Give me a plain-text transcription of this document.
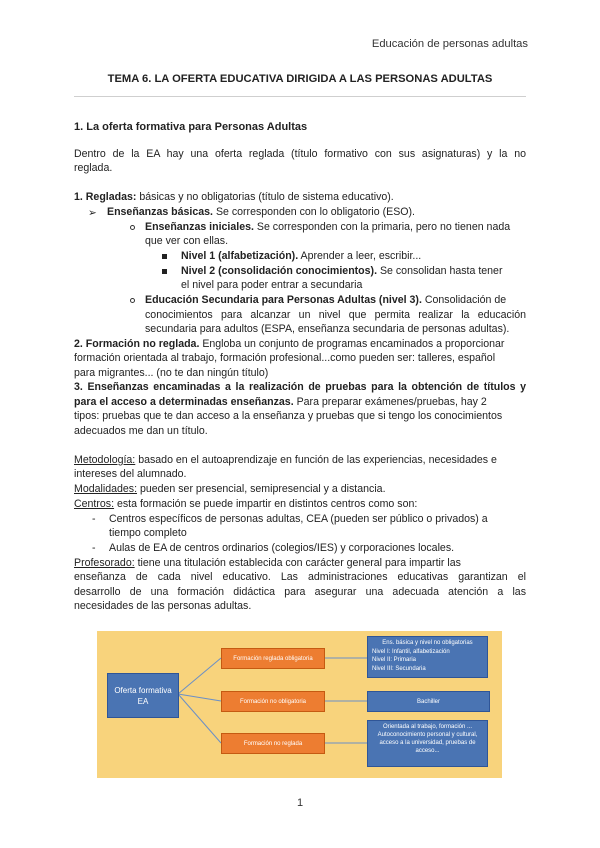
Educación de personas adultas
TEMA 6. LA OFERTA EDUCATIVA DIRIGIDA A LAS PERSONAS ADULTAS
1. La oferta formativa para Personas Adultas
Dentro de la EA hay una oferta reglada (título formativo con sus asignaturas) y la no
reglada.
1. Regladas: básicas y no obligatorias (título de sistema educativo).
➢ Enseñanzas básicas. Se corresponden con lo obligatorio (ESO).
Enseñanzas iniciales. Se corresponden con la primaria, pero no tienen nada
que ver con ellas.
Nivel 1 (alfabetización). Aprender a leer, escribir...
Nivel 2 (consolidación conocimientos). Se consolidan hasta tener
el nivel para poder entrar a secundaria
Educación Secundaria para Personas Adultas (nivel 3). Consolidación de
conocimientos para alcanzar un nivel que permita realizar la educación
secundaria para adultos (ESPA, enseñanza secundaria de personas adultas).
2. Formación no reglada. Engloba un conjunto de programas encaminados a proporcionar
formación orientada al trabajo, formación profesional...como pueden ser: talleres, español
para migrantes... (no te dan ningún título)
3. Enseñanzas encaminadas a la realización de pruebas para la obtención de títulos y
para el acceso a determinadas enseñanzas. Para preparar exámenes/pruebas, hay 2
tipos: pruebas que te dan acceso a la enseñanza y pruebas que si tengo los conocimientos
adecuados me dan un título.
Metodología: basado en el autoaprendizaje en función de las experiencias, necesidades e
intereses del alumnado.
Modalidades: pueden ser presencial, semipresencial y a distancia.
Centros: esta formación se puede impartir en distintos centros como son:
- Centros específicos de personas adultas, CEA (pueden ser público o privados) a
tiempo completo
- Aulas de EA de centros ordinarios (colegios/IES) y corporaciones locales.
Profesorado: tiene una titulación establecida con carácter general para impartir las
enseñanza de cada nivel educativo. Las administraciones educativas garantizan el
desarrollo de una formación didáctica para asegurar una adecuada atención a las
necesidades de las personas adultas.
Oferta formativa EA
Formación reglada obligatoria
Formación no obligatoria
Formación no reglada
Ens. básica y nivel no obligatorias
Nivel I: Infantil, alfabetización
Nivel II: Primaria
Nivel III: Secundaria
Bachiller
Orientada al trabajo, formación ... Autoconocimiento personal y cultural, acceso a la universidad, pruebas de acceso...
1
